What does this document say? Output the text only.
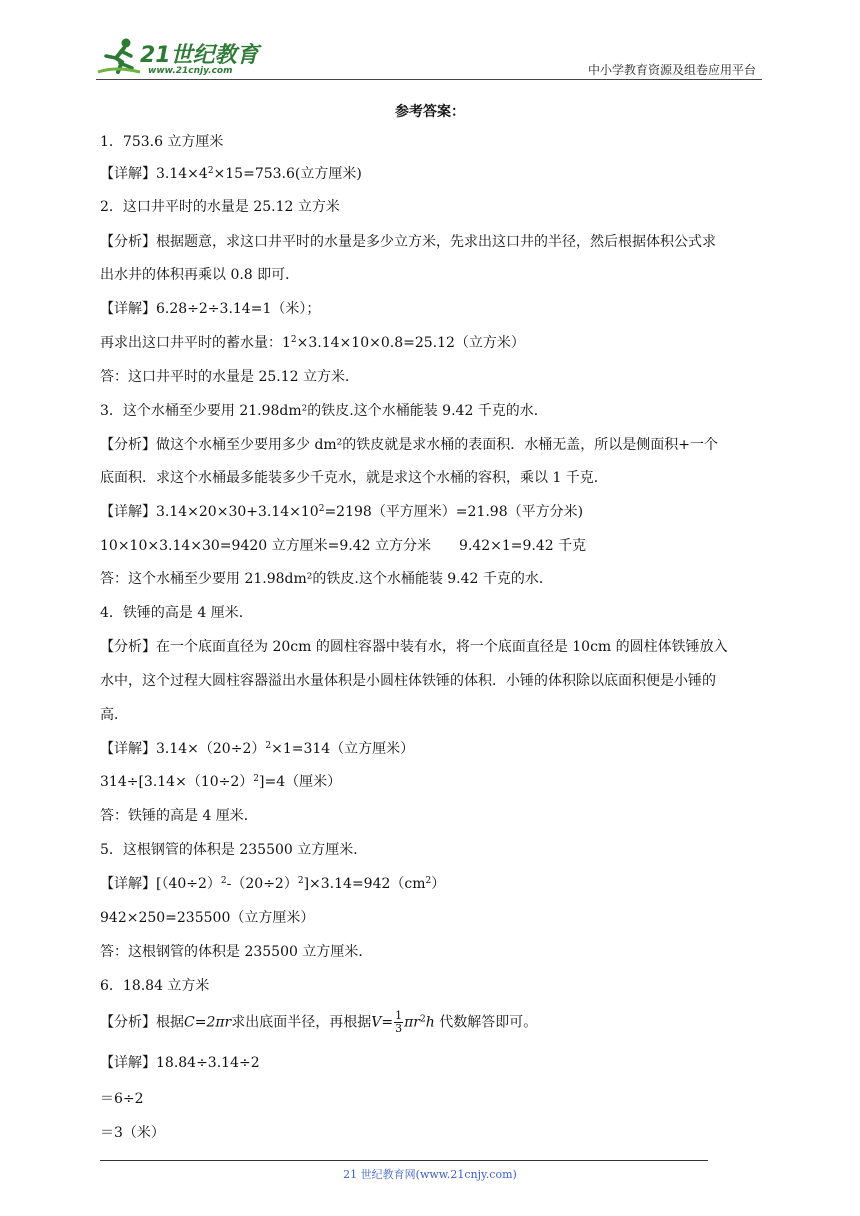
21世纪教育
www.21cnjy.com	中小学教育资源及组卷应用平台
参考答案：
1．753.6 立方厘米
【详解】$3.14\times 4^2\times 15=753.6$(立方厘米)
2．这口井平时的水量是 25.12 立方米
【分析】根据题意，求这口井平时的水量是多少立方米，先求出这口井的半径，然后根据体积公式求
出水井的体积再乘以 0.8 即可．
【详解】6.28÷2÷3.14=1（米）；
再求出这口井平时的蓄水量：$1^2\times 3.14\times 10\times 0.8=25.12$（立方米）
答：这口井平时的水量是 25.12 立方米．
3．这个水桶至少要用 21.98dm²的铁皮.这个水桶能装 9.42 千克的水．
【分析】做这个水桶至少要用多少 dm²的铁皮就是求水桶的表面积．水桶无盖，所以是侧面积+一个
底面积．求这个水桶最多能装多少千克水，就是求这个水桶的容积，乘以 1 千克．
【详解】$3.14\times 20\times 30+3.14\times 10^2=2198$（平方厘米）=21.98（平方分米)
10×10×3.14×30=9420 立方厘米=9.42 立方分米　　9.42×1=9.42 千克
答：这个水桶至少要用 21.98dm²的铁皮.这个水桶能装 9.42 千克的水．
4．铁锤的高是 4 厘米．
【分析】在一个底面直径为 20cm 的圆柱容器中装有水，将一个底面直径是 10cm 的圆柱体铁锤放入
水中，这个过程大圆柱容器溢出水量体积是小圆柱体铁锤的体积．小锤的体积除以底面积便是小锤的
高．
【详解】$3.14\times(20\div 2)^2\times 1=314$（立方厘米）
$314\div[3.14\times(10\div 2)^2]=4$（厘米）
答：铁锤的高是 4 厘米．
5．这根钢管的体积是 235500 立方厘米．
【详解】$[(40\div 2)^2-(20\div 2)^2]\times 3.14=942(cm^2)$
942×250=235500（立方厘米）
答：这根钢管的体积是 235500 立方厘米．
6．18.84 立方米
【分析】根据C=2πr求出底面半径，再根据$V= \frac{1}{3} \pi r^2h$ 代数解答即可。
【详解】18.84÷3.14÷2
＝6÷2
＝3（米）
21 世纪教育网(www.21cnjy.com)
